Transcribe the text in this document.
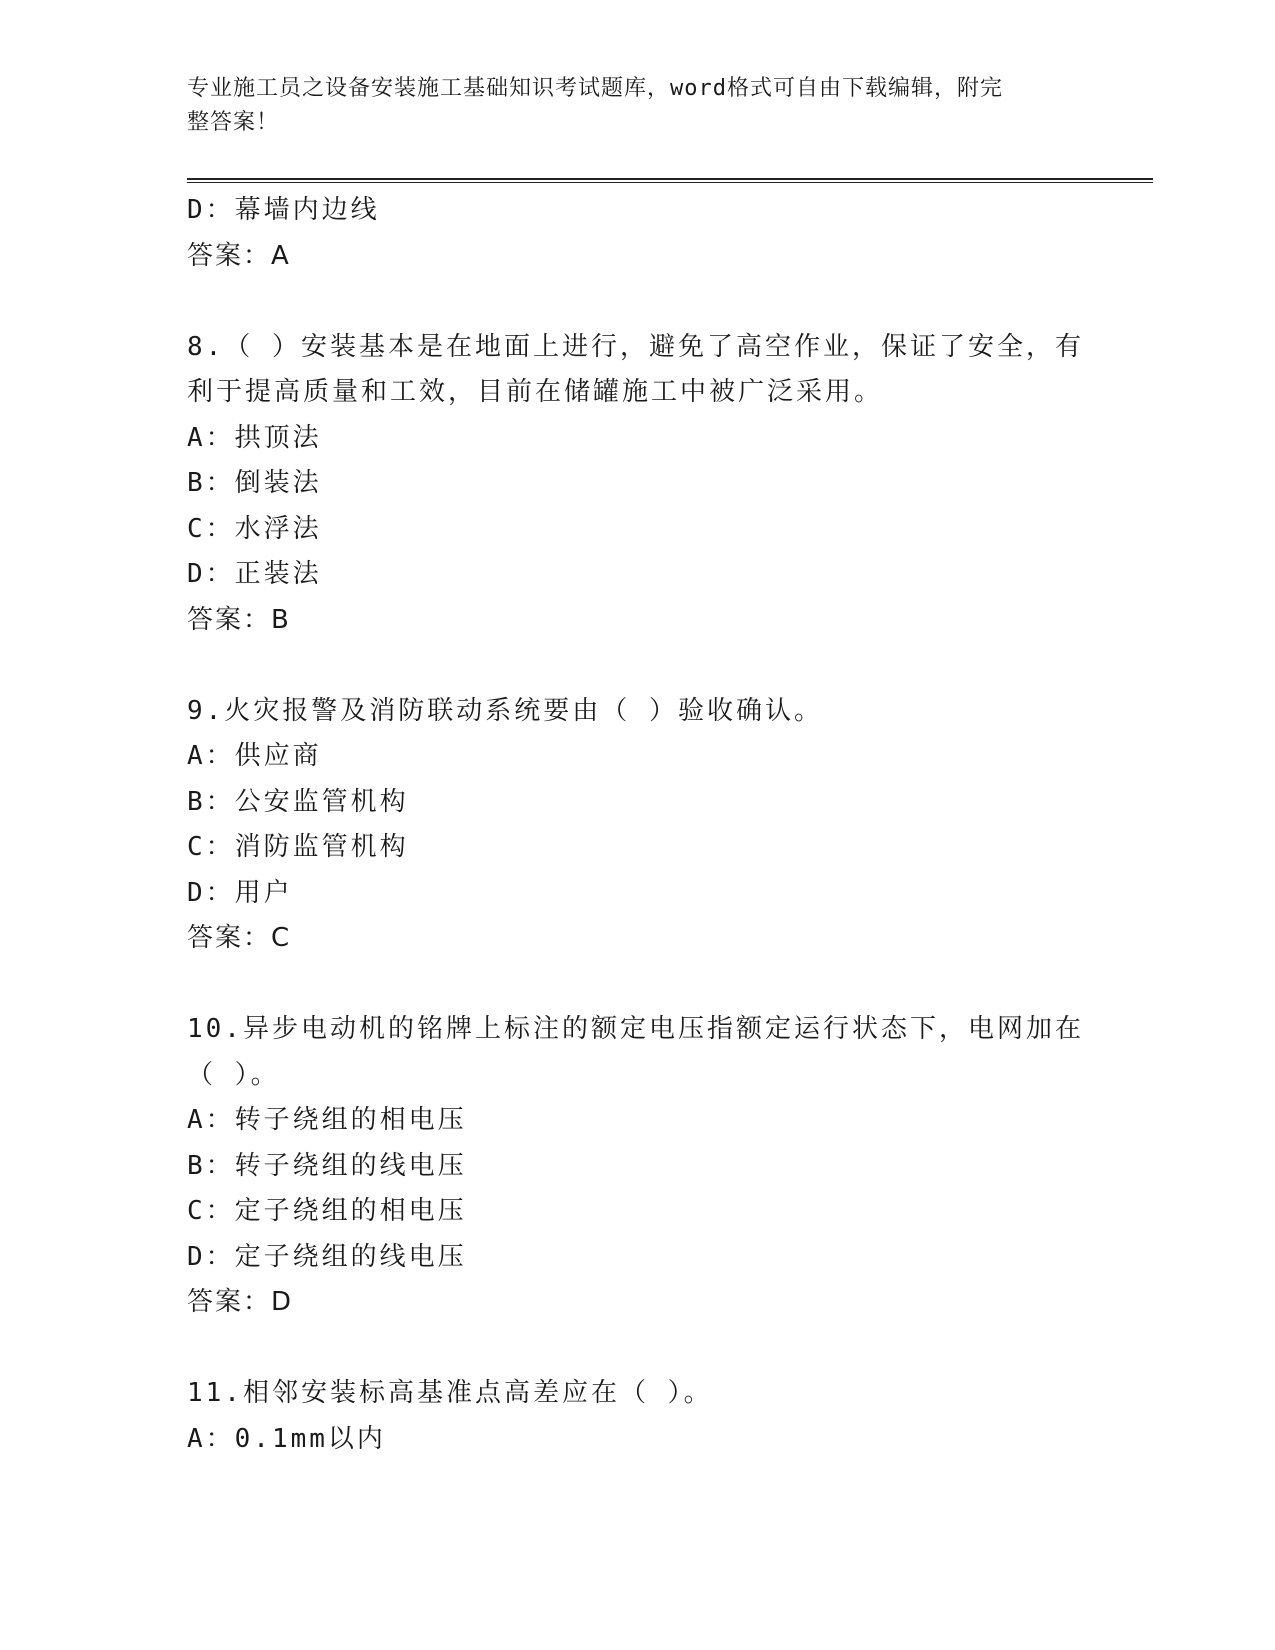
专业施工员之设备安装施工基础知识考试题库，word格式可自由下载编辑，附完
整答案！
D：幕墙内边线
答案：A
8.（ ）安装基本是在地面上进行，避免了高空作业，保证了安全，有
利于提高质量和工效，目前在储罐施工中被广泛采用。
A：拱顶法
B：倒装法
C：水浮法
D：正装法
答案：B
9.火灾报警及消防联动系统要由（ ）验收确认。
A：供应商
B：公安监管机构
C：消防监管机构
D：用户
答案：C
10.异步电动机的铭牌上标注的额定电压指额定运行状态下，电网加在
（ ）。
A：转子绕组的相电压
B：转子绕组的线电压
C：定子绕组的相电压
D：定子绕组的线电压
答案：D
11.相邻安装标高基准点高差应在（ ）。
A：0.1mm以内
